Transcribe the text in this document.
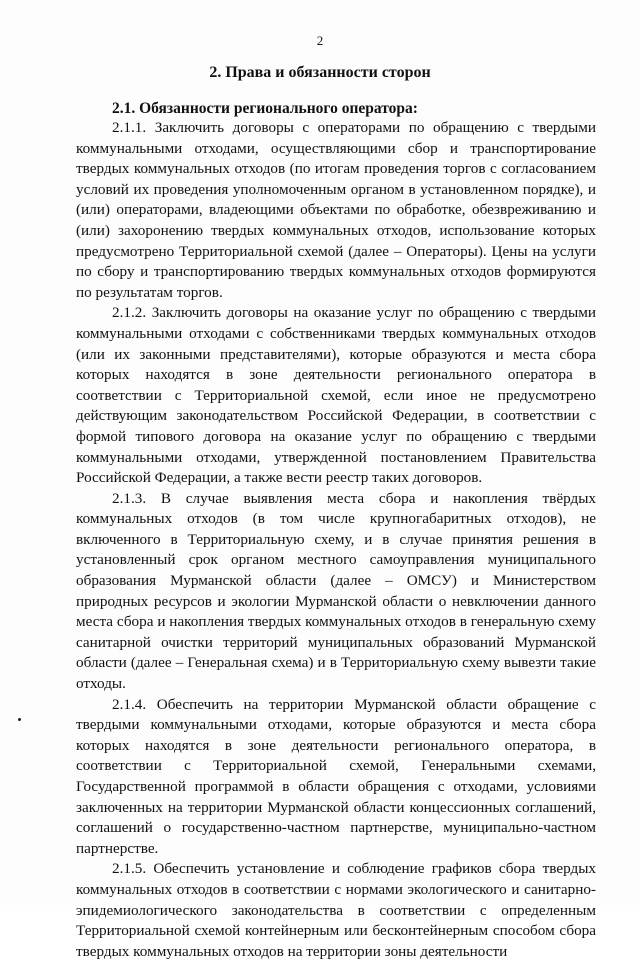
2
2. Права и обязанности сторон
2.1. Обязанности регионального оператора:

2.1.1. Заключить договоры с операторами по обращению с твердыми коммунальными отходами, осуществляющими сбор и транспортирование твердых коммунальных отходов (по итогам проведения торгов с согласованием условий их проведения уполномоченным органом в установленном порядке), и (или) операторами, владеющими объектами по обработке, обезвреживанию и (или) захоронению твердых коммунальных отходов, использование которых предусмотрено Территориальной схемой (далее – Операторы). Цены на услуги по сбору и транспортированию твердых коммунальных отходов формируются по результатам торгов.

2.1.2. Заключить договоры на оказание услуг по обращению с твердыми коммунальными отходами с собственниками твердых коммунальных отходов (или их законными представителями), которые образуются и места сбора которых находятся в зоне деятельности регионального оператора в соответствии с Территориальной схемой, если иное не предусмотрено действующим законодательством Российской Федерации, в соответствии с формой типового договора на оказание услуг по обращению с твердыми коммунальными отходами, утвержденной постановлением Правительства Российской Федерации, а также вести реестр таких договоров.

2.1.3. В случае выявления места сбора и накопления твёрдых коммунальных отходов (в том числе крупногабаритных отходов), не включенного в Территориальную схему, и в случае принятия решения в установленный срок органом местного самоуправления муниципального образования Мурманской области (далее – ОМСУ) и Министерством природных ресурсов и экологии Мурманской области о невключении данного места сбора и накопления твердых коммунальных отходов в генеральную схему санитарной очистки территорий муниципальных образований Мурманской области (далее – Генеральная схема) и в Территориальную схему вывезти такие отходы.

2.1.4. Обеспечить на территории Мурманской области обращение с твердыми коммунальными отходами, которые образуются и места сбора которых находятся в зоне деятельности регионального оператора, в соответствии с Территориальной схемой, Генеральными схемами, Государственной программой в области обращения с отходами, условиями заключенных на территории Мурманской области концессионных соглашений, соглашений о государственно-частном партнерстве, муниципально-частном партнерстве.

2.1.5. Обеспечить установление и соблюдение графиков сбора твердых коммунальных отходов в соответствии с нормами экологического и санитарно-эпидемиологического законодательства в соответствии с определенным Территориальной схемой контейнерным или бесконтейнерным способом сбора твердых коммунальных отходов на территории зоны деятельности
